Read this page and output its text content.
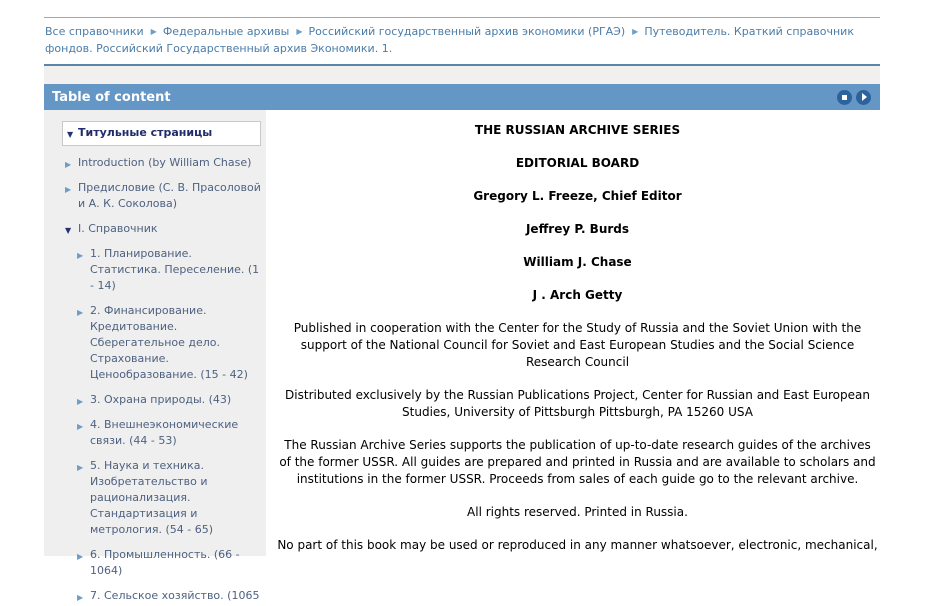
Все справочники ▶ Федеральные архивы ▶ Российский государственный архив экономики (РГАЭ) ▶ Путеводитель. Краткий справочник фондов. Российский Государственный архив Экономики. 1.
Table of content
▼ Титульные страницы
▶ Introduction (by William Chase)
▶ Предисловие (С. В. Прасоловой и А. К. Соколова)
▼ I. Справочник
▶ 1. Планирование. Статистика. Переселение. (1 - 14)
▶ 2. Финансирование. Кредитование. Сберегательное дело. Страхование. Ценообразование. (15 - 42)
▶ 3. Охрана природы. (43)
▶ 4. Внешнеэкономические связи. (44 - 53)
▶ 5. Наука и техника. Изобретательство и рационализация. Стандартизация и метрология. (54 - 65)
▶ 6. Промышленность. (66 - 1064)
▶ 7. Сельское хозяйство. (1065

THE RUSSIAN ARCHIVE SERIES

EDITORIAL BOARD

Gregory L. Freeze, Chief Editor

Jeffrey P. Burds

William J. Chase

J . Arch Getty

Published in cooperation with the Center for the Study of Russia and the Soviet Union with the support of the National Council for Soviet and East European Studies and the Social Science Research Council

Distributed exclusively by the Russian Publications Project, Center for Russian and East European Studies, University of Pittsburgh Pittsburgh, PA 15260 USA

The Russian Archive Series supports the publication of up-to-date research guides of the archives of the former USSR. All guides are prepared and printed in Russia and are available to scholars and institutions in the former USSR. Proceeds from sales of each guide go to the relevant archive.

All rights reserved. Printed in Russia.

No part of this book may be used or reproduced in any manner whatsoever, electronic, mechanical,
